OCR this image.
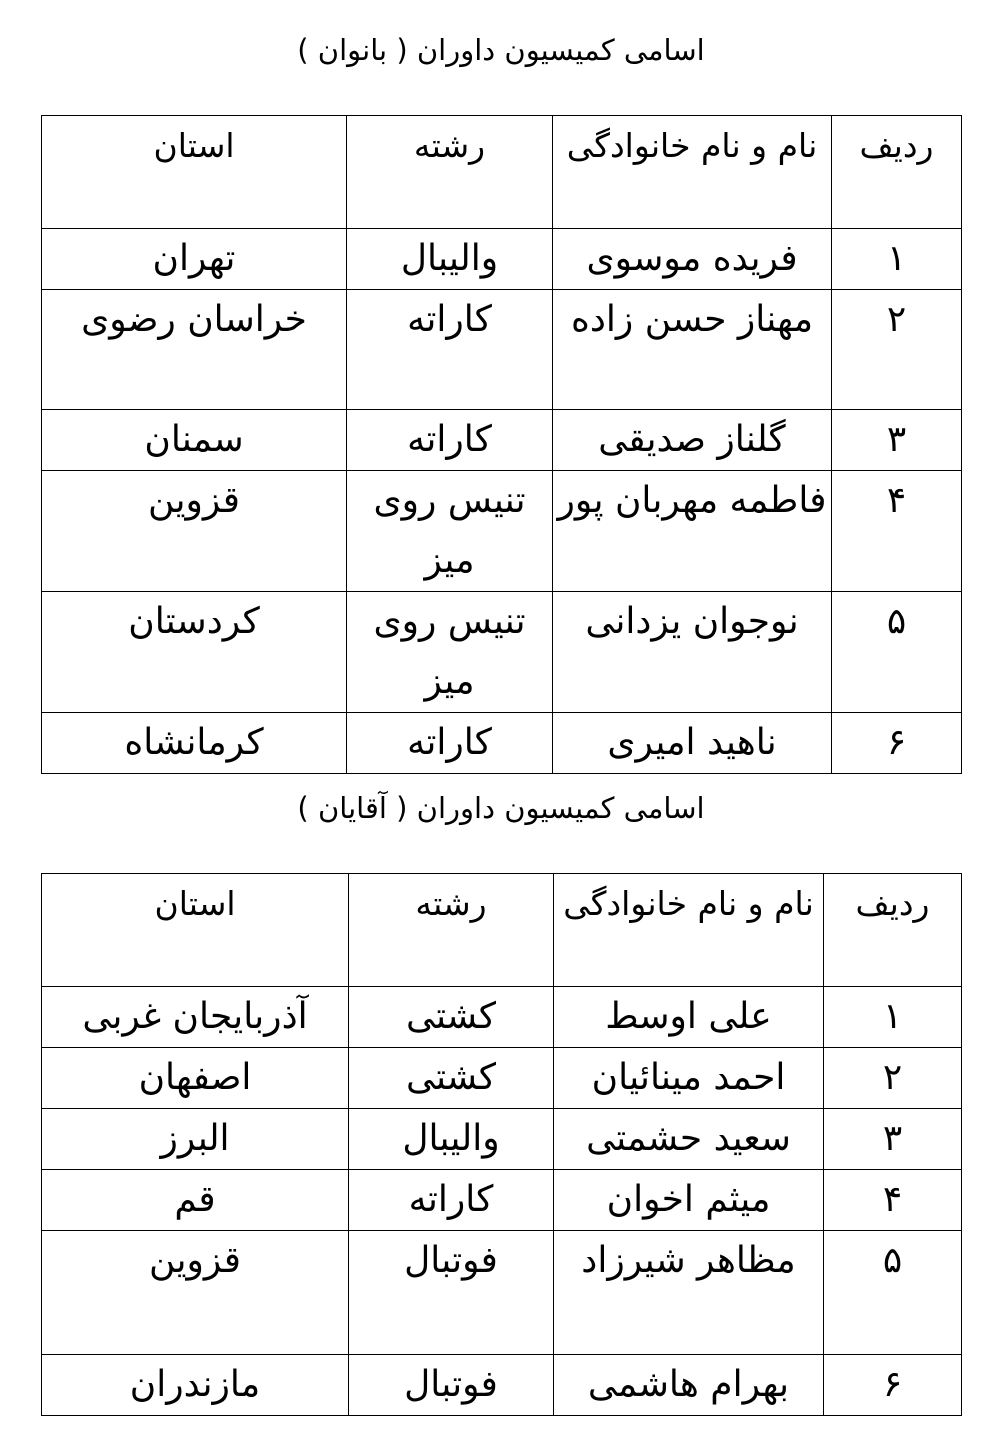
اسامی کمیسیون داوران ( بانوان )
ردیف	نام و نام خانوادگی	رشته	استان
۱	فریده موسوی	والیبال	تهران
۲	مهناز حسن زاده	کاراته	خراسان رضوی
۳	گلناز صدیقی	کاراته	سمنان
۴	فاطمه مهربان پور	تنیس روی میز	قزوین
۵	نوجوان یزدانی	تنیس روی میز	کردستان
۶	ناهید امیری	کاراته	کرمانشاه
اسامی کمیسیون داوران ( آقایان )
ردیف	نام و نام خانوادگی	رشته	استان
۱	علی اوسط	کشتی	آذربایجان غربی
۲	احمد مینائیان	کشتی	اصفهان
۳	سعید حشمتی	والیبال	البرز
۴	میثم اخوان	کاراته	قم
۵	مظاهر شیرزاد	فوتبال	قزوین
۶	بهرام هاشمی	فوتبال	مازندران
